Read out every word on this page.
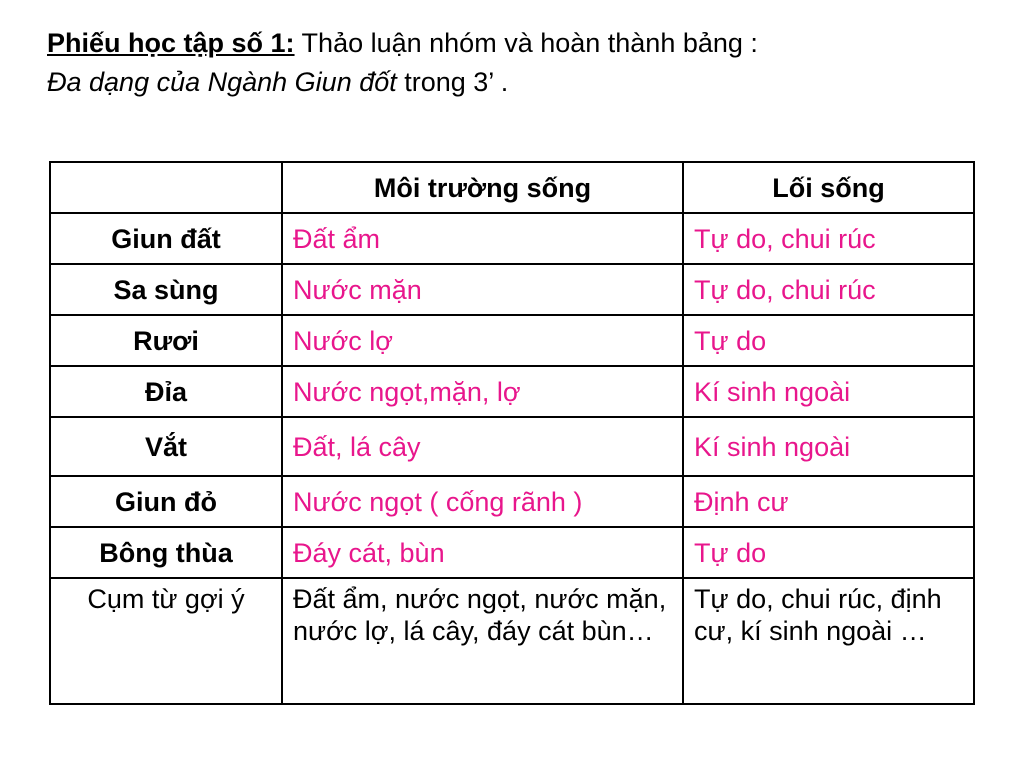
Phiếu học tập số 1: Thảo luận nhóm và hoàn thành bảng :
Đa dạng của Ngành Giun đốt trong 3’ .
	Môi trường sống	Lối sống
Giun đất	Đất ẩm	Tự do, chui rúc
Sa sùng	Nước mặn	Tự do, chui rúc
Rươi	Nước lợ	Tự do
Đỉa	Nước ngọt,mặn, lợ	Kí sinh ngoài
Vắt	Đất, lá cây	Kí sinh ngoài
Giun đỏ	Nước ngọt ( cống rãnh )	Định cư
Bông thùa	Đáy cát, bùn	Tự do
Cụm từ gợi ý	Đất ẩm, nước ngọt, nước mặn, nước lợ, lá cây, đáy cát bùn…	Tự do, chui rúc, định cư, kí sinh ngoài …
